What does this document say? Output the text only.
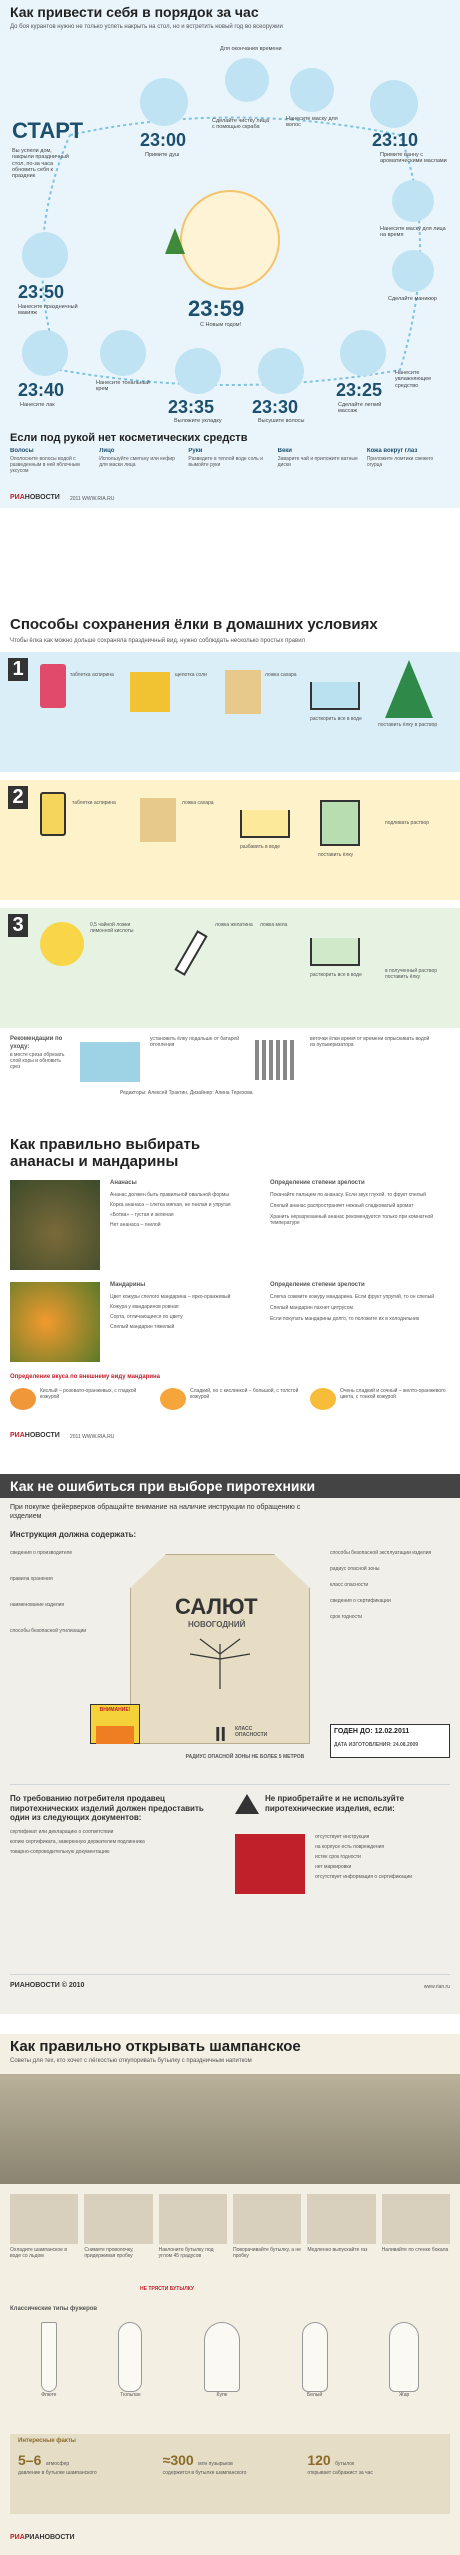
Как привести себя в порядок за час
До боя курантов нужно не только успеть накрыть на стол, но и встретить новый год во всеоружии
СТАРТ
Вы успели дом, накрыли праздничный стол, по-за часа обновить себя к праздник
23:00
Примите душ
Сделайте чистку лица с помощью скраба
Нанесите маску для волос
23:10
Примите ванну с ароматическими маслами
Нанесите маску для лица на время
Сделайте маникюр
23:59
С Новым годом!
23:50
Нанесите праздничный макияж
23:40
Нанесите лак
Нанесите тональный крем
23:35
Выложите укладку
23:30
Высушите волосы
23:25
Сделайте легкий массаж
Нанесите увлажняющее средство
Для окончания времени
Если под рукой нет косметических средств
Волосы
Ополосните волосы водой с разведенным в ней яблочным уксусом
Лицо
Используйте сметану или кефир для маски лица
Руки
Разведите в теплой воде соль и вымойте руки
Веки
Заварите чай и приложите ватные диски
Кожа вокруг глаз
Приложите ломтики свежего огурца
РИАНОВОСТИ 2011 WWW.RIA.RU
Способы сохранения ёлки в домашних условиях
Чтобы ёлка как можно дольше сохраняла праздничный вид, нужно соблюдать несколько простых правил
1	таблетка аспирина	щепотка соли	ложка сахара
растворить все в воде
поставить ёлку в раствор
2	таблетки аспирина	ложка сахара
разбавить в воде
поставить ёлку
подливать раствор
3	0,5 чайной ложки лимонной кислоты
ложка желатина	ложка мела
растворить все в воде
в полученный раствор поставить ёлку
Рекомендации по уходу:
в месте среза обрезать слой коры и обновить срез
установить ёлку подальше от батарей отопления
веточки ёлки время от времени опрыскивать водой из пульверизатора
Редакторы: Алексей Трактин, Дизайнер: Алина Терехова
Как правильно выбирать ананасы и мандарины
Ананасы
Ананас должен быть правильной овальной формы
Корка ананаса – слегка мягкая, не гнилая и упругая
«Ботва» – густая и зеленая
Нет ананаса – гнилой
Определение степени зрелости
Покачайте пальцем по ананасу. Если звук глухой, то фрукт спелый
Спелый ананас распространяет нежный сладковатый аромат
Хранить неразрезанный ананас рекомендуется только при комнатной температуре
Мандарины
Цвет кожуры спелого мандарина – ярко-оранжевый
Кожура у мандаринов ровная
Сорта, отличающиеся по цвету
Спелый мандарин тяжелый
Определение степени зрелости
Слегка сожмите кожуру мандарина. Если фрукт упругий, то он спелый
Спелый мандарин пахнет цитрусом
Если покупать мандарины долго, то положите их в холодильник
Определение вкуса по внешнему виду мандарина
Кислый – розовато-оранжевых, с гладкой кожурой
Сладкий, но с кислинкой – большой, с толстой кожурой
Очень сладкий и сочный – желто-оранжевого цвета, с тонкой кожурой
РИАНОВОСТИ 2011 WWW.RIA.RU
Как не ошибиться при выборе пиротехники
При покупке фейерверков обращайте внимание на наличие инструкции по обращению с изделием
Инструкция должна содержать:
сведения о производителе
правила хранения
наименование изделия
способы безопасной утилизации
САЛЮТ
НОВОГОДНИЙ
ВНИМАНИЕ!
II КЛАСС ОПАСНОСТИ
РАДИУС ОПАСНОЙ ЗОНЫ НЕ БОЛЕЕ 5 МЕТРОВ
ГОДЕН ДО: 12.02.2011
ДАТА ИЗГОТОВЛЕНИЯ: 24.08.2009
способы безопасной эксплуатации изделия
радиус опасной зоны
класс опасности
сведения о сертификации
срок годности
По требованию потребителя продавец пиротехнических изделий должен предоставить один из следующих документов:
сертификат или декларацию о соответствии
копию сертификата, заверенную держателем подлинника
товарно-сопроводительную документацию
Не приобретайте и не используйте пиротехнические изделия, если:
отсутствует инструкция
на корпусе есть повреждения
истек срок годности
нет маркировки
отсутствует информация о сертификации
РИАНОВОСТИ © 2010	www.rian.ru
Как правильно открывать шампанское
Советы для тех, кто хочет с лёгкостью откупоривать бутылку с праздничным напитком
Охладите шампанское в воде со льдом
Снимите проволочку, придерживая пробку
Наклоните бутылку под углом 45 градусов
Поворачивайте бутылку, а не пробку
Медленно выпускайте газ	Наливайте по стенке бокала
НЕ ТРЯСТИ БУТЫЛКУ
Классические типы фужеров
Флюте	Тюльпан	Купе	Белый	Жар
Интересные факты
5–6 атмосфер
давление в бутылке шампанского
≈300 млн пузырьков
содержится в бутылке шампанского
120 бутылок
открывает сабражист за час
РИАРИАНОВОСТИ
